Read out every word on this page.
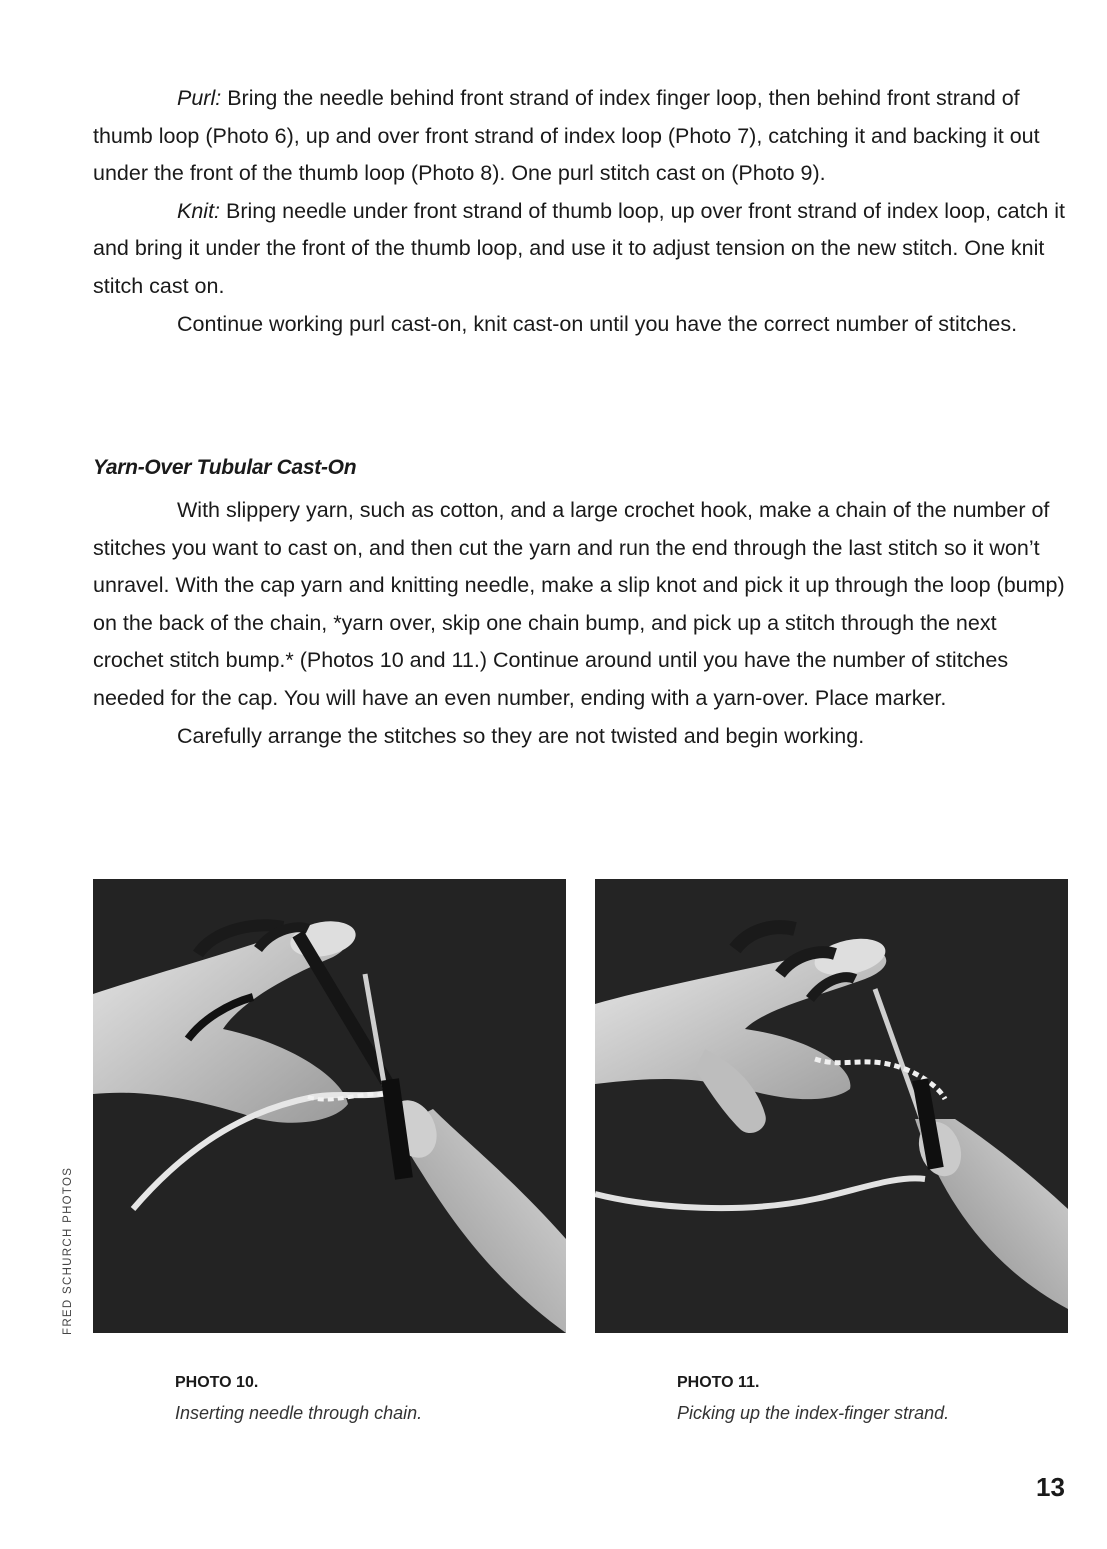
Purl: Bring the needle behind front strand of index finger loop, then behind front strand of thumb loop (Photo 6), up and over front strand of index loop (Photo 7), catching it and backing it out under the front of the thumb loop (Photo 8). One purl stitch cast on (Photo 9).

Knit: Bring needle under front strand of thumb loop, up over front strand of index loop, catch it and bring it under the front of the thumb loop, and use it to adjust tension on the new stitch. One knit stitch cast on.

Continue working purl cast-on, knit cast-on until you have the correct number of stitches.

Yarn-Over Tubular Cast-On

With slippery yarn, such as cotton, and a large crochet hook, make a chain of the number of stitches you want to cast on, and then cut the yarn and run the end through the last stitch so it won’t unravel. With the cap yarn and knitting needle, make a slip knot and pick it up through the loop (bump) on the back of the chain, *yarn over, skip one chain bump, and pick up a stitch through the next crochet stitch bump.* (Photos 10 and 11.) Continue around until you have the number of stitches needed for the cap. You will have an even number, ending with a yarn-over. Place marker.

Carefully arrange the stitches so they are not twisted and begin working.

FRED SCHURCH PHOTOS
PHOTO 10.
Inserting needle through chain.
PHOTO 11.
Picking up the index-finger strand.
13
